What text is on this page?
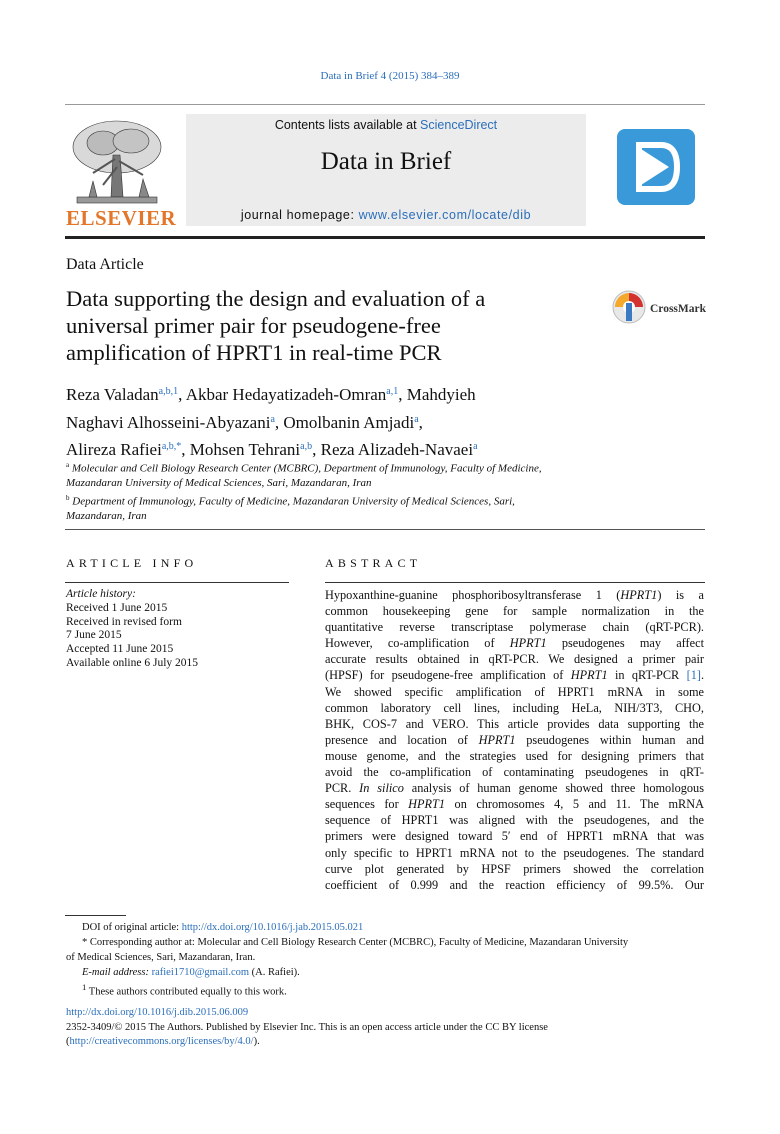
Data in Brief 4 (2015) 384–389
ELSEVIER
Contents lists available at ScienceDirect
Data in Brief
journal homepage: www.elsevier.com/locate/dib
Data Article
Data supporting the design and evaluation of a
universal primer pair for pseudogene-free
amplification of HPRT1 in real-time PCR
CrossMark
Reza Valadan$^{a,b,1}$, Akbar Hedayatizadeh-Omran$^{a,1}$, Mahdyieh
Naghavi Alhosseini-Abyazani$^a$, Omolbanin Amjadi$^a$,
Alireza Rafiei$^{a,b,*}$, Mohsen Tehrani$^{a,b}$, Reza Alizadeh-Navaei$^a$
$^a$ Molecular and Cell Biology Research Center (MCBRC), Department of Immunology, Faculty of Medicine,
Mazandaran University of Medical Sciences, Sari, Mazandaran, Iran
$^b$ Department of Immunology, Faculty of Medicine, Mazandaran University of Medical Sciences, Sari,
Mazandaran, Iran
ARTICLE INFO
Article history:
Received 1 June 2015
Received in revised form
7 June 2015
Accepted 11 June 2015
Available online 6 July 2015
ABSTRACT
Hypoxanthine-guanine phosphoribosyltransferase 1 (HPRT1) is a
common housekeeping gene for sample normalization in the
quantitative reverse transcriptase polymerase chain (qRT-PCR).
However, co-amplification of HPRT1 pseudogenes may affect
accurate results obtained in qRT-PCR. We designed a primer pair
(HPSF) for pseudogene-free amplification of HPRT1 in qRT-PCR [1].
We showed specific amplification of HPRT1 mRNA in some
common laboratory cell lines, including HeLa, NIH/3T3, CHO,
BHK, COS-7 and VERO. This article provides data supporting the
presence and location of HPRT1 pseudogenes within human and
mouse genome, and the strategies used for designing primers that
avoid the co-amplification of contaminating pseudogenes in qRT-
PCR. In silico analysis of human genome showed three homologous
sequences for HPRT1 on chromosomes 4, 5 and 11. The mRNA
sequence of HPRT1 was aligned with the pseudogenes, and the
primers were designed toward 5′ end of HPRT1 mRNA that was
only specific to HPRT1 mRNA not to the pseudogenes. The standard
curve plot generated by HPSF primers showed the correlation
coefficient of 0.999 and the reaction efficiency of 99.5%. Our
DOI of original article: http://dx.doi.org/10.1016/j.jab.2015.05.021
* Corresponding author at: Molecular and Cell Biology Research Center (MCBRC), Faculty of Medicine, Mazandaran University
of Medical Sciences, Sari, Mazandaran, Iran.
E-mail address: rafiei1710@gmail.com (A. Rafiei).
$^1$ These authors contributed equally to this work.
http://dx.doi.org/10.1016/j.dib.2015.06.009
2352-3409/© 2015 The Authors. Published by Elsevier Inc. This is an open access article under the CC BY license
(http://creativecommons.org/licenses/by/4.0/).
